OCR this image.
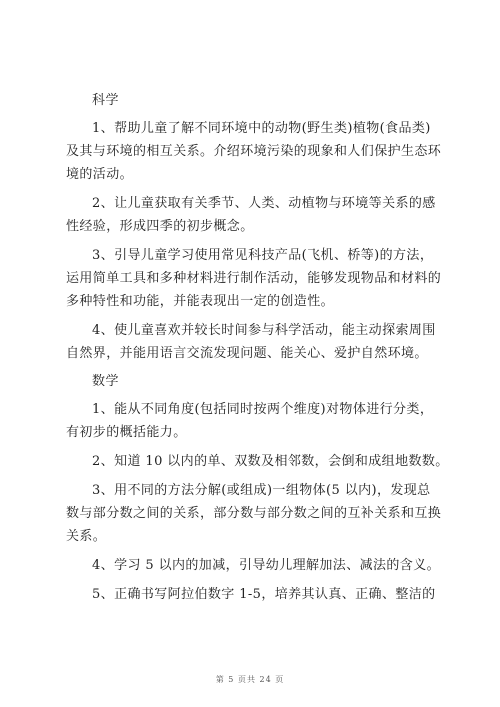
科学
1、帮助儿童了解不同环境中的动物(野生类)植物(食品类)
及其与环境的相互关系。介绍环境污染的现象和人们保护生态环
境的活动。
2、让儿童获取有关季节、人类、动植物与环境等关系的感
性经验，形成四季的初步概念。
3、引导儿童学习使用常见科技产品(飞机、桥等)的方法，
运用简单工具和多种材料进行制作活动，能够发现物品和材料的
多种特性和功能，并能表现出一定的创造性。
4、使儿童喜欢并较长时间参与科学活动，能主动探索周围
自然界，并能用语言交流发现问题、能关心、爱护自然环境。
数学
1、能从不同角度(包括同时按两个维度)对物体进行分类，
有初步的概括能力。
2、知道 10 以内的单、双数及相邻数，会倒和成组地数数。
3、用不同的方法分解(或组成)一组物体(5 以内)，发现总
数与部分数之间的关系，部分数与部分数之间的互补关系和互换
关系。
4、学习 5 以内的加减，引导幼儿理解加法、减法的含义。
5、正确书写阿拉伯数字 1-5，培养其认真、正确、整洁的
第 5 页共 24 页
